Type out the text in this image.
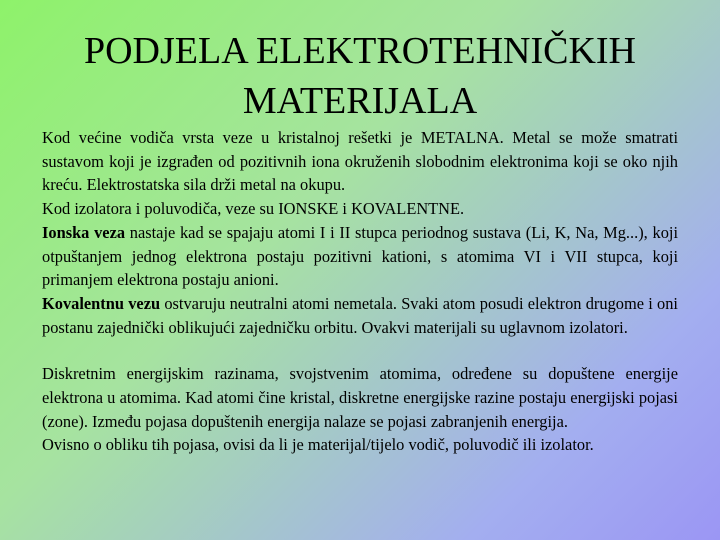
PODJELA ELEKTROTEHNIČKIH
MATERIJALA

Kod većine vodiča vrsta veze u kristalnoj rešetki je METALNA. Metal se može smatrati sustavom koji je izgrađen od pozitivnih iona okruženih slobodnim elektronima koji se oko njih kreću. Elektrostatska sila drži metal na okupu.

Kod izolatora i poluvodiča, veze su IONSKE i KOVALENTNE.

Ionska veza nastaje kad se spajaju atomi I i II stupca periodnog sustava (Li, K, Na, Mg...), koji otpuštanjem jednog elektrona postaju pozitivni kationi, s atomima VI i VII stupca, koji primanjem elektrona postaju anioni.

Kovalentnu vezu ostvaruju neutralni atomi nemetala. Svaki atom posudi elektron drugome i oni postanu zajednički oblikujući zajedničku orbitu. Ovakvi materijali su uglavnom izolatori.

Diskretnim energijskim razinama, svojstvenim atomima, određene su dopuštene energije elektrona u atomima. Kad atomi čine kristal, diskretne energijske razine postaju energijski pojasi (zone). Između pojasa dopuštenih energija nalaze se pojasi zabranjenih energija.

Ovisno o obliku tih pojasa, ovisi da li je materijal/tijelo vodič, poluvodič ili izolator.
